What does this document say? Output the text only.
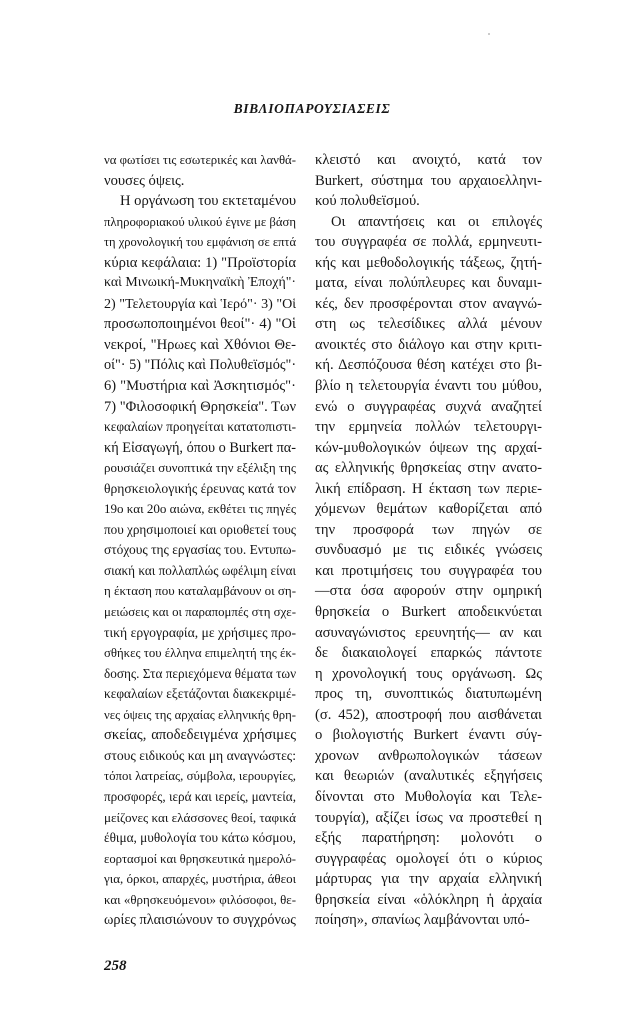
ΒΙΒΛΙΟΠΑΡΟΥΣΙΑΣΕΙΣ
να φωτίσει τις εσωτερικές και λανθά-
νουσες όψεις.
Η οργάνωση του εκτεταμένου
πληροφοριακού υλικού έγινε με βάση
τη χρονολογική του εμφάνιση σε επτά
κύρια κεφάλαια: 1) "Προϊστορία
καὶ Μινωική-Μυκηναϊκὴ Ἐποχή"·
2) "Τελετουργία καὶ Ἱερό"· 3) "Οἱ
προσωποποιημένοι θεοί"· 4) "Οἱ
νεκροί, "Ηρωες καὶ Χθόνιοι Θε-
οί"· 5) "Πόλις καὶ Πολυθεϊσμός"·
6) "Μυστήρια καὶ Ἀσκητισμός"·
7) "Φιλοσοφική Θρησκεία". Των
κεφαλαίων προηγείται κατατοπιστι-
κή Εἰσαγωγή, όπου ο Burkert πα-
ρουσιάζει συνοπτικά την εξέλιξη της
θρησκειολογικής έρευνας κατά τον
19ο και 20ο αιώνα, εκθέτει τις πηγές
που χρησιμοποιεί και οριοθετεί τους
στόχους της εργασίας του. Εντυπω-
σιακή και πολλαπλώς ωφέλιμη είναι
η έκταση που καταλαμβάνουν οι ση-
μειώσεις και οι παραπομπές στη σχε-
τική εργογραφία, με χρήσιμες προ-
σθήκες του έλληνα επιμελητή της έκ-
δοσης. Στα περιεχόμενα θέματα των
κεφαλαίων εξετάζονται διακεκριμέ-
νες όψεις της αρχαίας ελληνικής θρη-
σκείας, αποδεδειγμένα χρήσιμες
στους ειδικούς και μη αναγνώστες:
τόποι λατρείας, σύμβολα, ιερουργίες,
προσφορές, ιερά και ιερείς, μαντεία,
μείζονες και ελάσσονες θεοί, ταφικά
έθιμα, μυθολογία του κάτω κόσμου,
εορτασμοί και θρησκευτικά ημερολό-
για, όρκοι, απαρχές, μυστήρια, άθεοι
και «θρησκευόμενοι» φιλόσοφοι, θε-
ωρίες πλαισιώνουν το συγχρόνως
κλειστό και ανοιχτό, κατά τον
Burkert, σύστημα του αρχαιοελληνι-
κού πολυθεϊσμού.
Οι απαντήσεις και οι επιλογές
του συγγραφέα σε πολλά, ερμηνευτι-
κής και μεθοδολογικής τάξεως, ζητή-
ματα, είναι πολύπλευρες και δυναμι-
κές, δεν προσφέρονται στον αναγνώ-
στη ως τελεσίδικες αλλά μένουν
ανοικτές στο διάλογο και στην κριτι-
κή. Δεσπόζουσα θέση κατέχει στο βι-
βλίο η τελετουργία έναντι του μύθου,
ενώ ο συγγραφέας συχνά αναζητεί
την ερμηνεία πολλών τελετουργι-
κών-μυθολογικών όψεων της αρχαί-
ας ελληνικής θρησκείας στην ανατο-
λική επίδραση. Η έκταση των περιε-
χόμενων θεμάτων καθορίζεται από
την προσφορά των πηγών σε
συνδυασμό με τις ειδικές γνώσεις
και προτιμήσεις του συγγραφέα του
—στα όσα αφορούν στην ομηρική
θρησκεία ο Burkert αποδεικνύεται
ασυναγώνιστος ερευνητής— αν και
δε διακαιολογεί επαρκώς πάντοτε
η χρονολογική τους οργάνωση. Ως
προς τη, συνοπτικώς διατυπωμένη
(σ. 452), αποστροφή που αισθάνεται
ο βιολογιστής Burkert έναντι σύγ-
χρονων ανθρωπολογικών τάσεων
και θεωριών (αναλυτικές εξηγήσεις
δίνονται στο Μυθολογία και Τελε-
τουργία), αξίζει ίσως να προστεθεί η
εξής παρατήρηση: μολονότι ο
συγγραφέας ομολογεί ότι ο κύριος
μάρτυρας για την αρχαία ελληνική
θρησκεία είναι «ὁλόκληρη ἡ ἀρχαία
ποίηση», σπανίως λαμβάνονται υπό-
258
